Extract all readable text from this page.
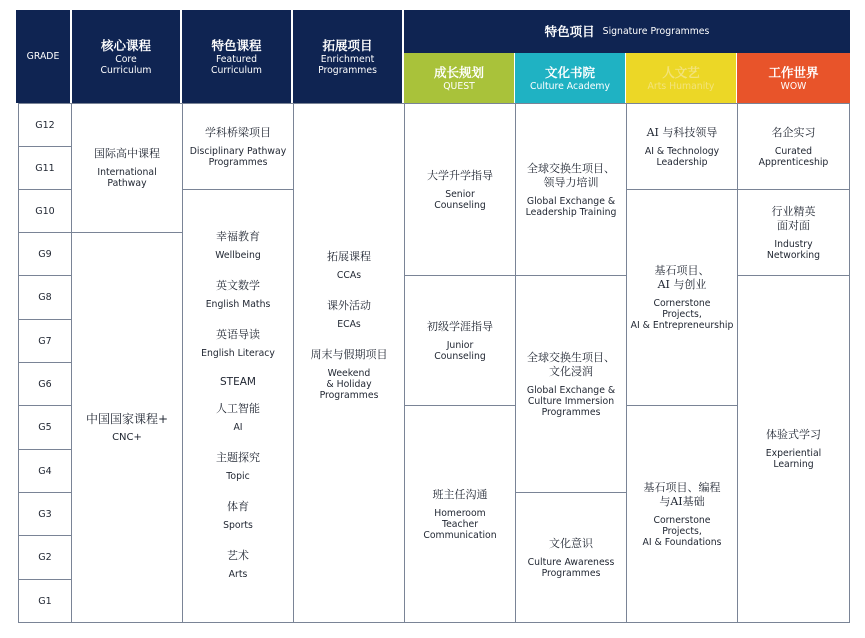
GRADE
核心课程
Core
Curriculum
特色课程
Featured
Curriculum
拓展项目
Enrichment
Programmes
特色项目 Signature Programmes
成长规划
QUEST
文化书院
Culture Academy
人文艺
Arts Humanity
工作世界
WOW
G12
G11
G10
G9
G8
G7
G6
G5
G4
G3
G2
G1
国际高中课程
International
Pathway
中国国家课程+
CNC+
学科桥梁项目
Disciplinary Pathway
Programmes
幸福教育
Wellbeing
英文数学
English Maths
英语导读
English Literacy
STEAM
人工智能
AI
主题探究
Topic
体育
Sports
艺术
Arts
拓展课程
CCAs
课外活动
ECAs
周末与假期项目
Weekend
& Holiday
Programmes
大学升学指导
Senior
Counseling
初级学涯指导
Junior
Counseling
班主任沟通
Homeroom
Teacher
Communication
全球交换生项目、
领导力培训
Global Exchange &
Leadership Training
全球交换生项目、
文化浸润
Global Exchange &
Culture Immersion
Programmes
文化意识
Culture Awareness
Programmes
AI 与科技领导
AI & Technology
Leadership
基石项目、
AI 与创业
Cornerstone
Projects,
AI & Entrepreneurship
基石项目、编程
与AI基础
Cornerstone
Projects,
AI & Foundations
名企实习
Curated
Apprenticeship
行业精英
面对面
Industry
Networking
体验式学习
Experiential
Learning
